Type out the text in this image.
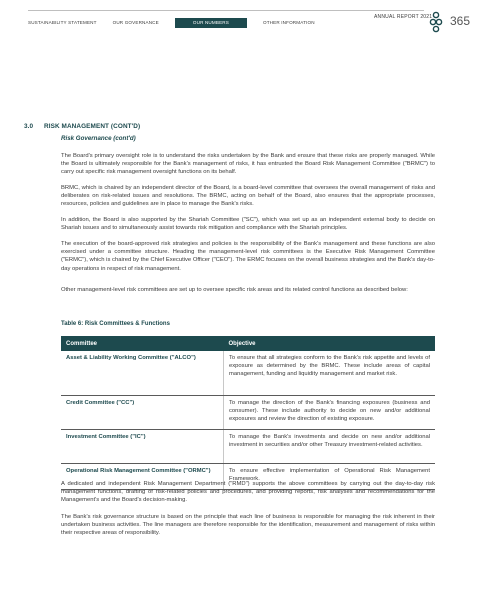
SUSTAINABILITY STATEMENT	OUR GOVERNANCE	OUR NUMBERS	OTHER INFORMATION
ANNUAL REPORT 2021 365
3.0 RISK MANAGEMENT (CONT'D)
Risk Governance (cont'd)

The Board's primary oversight role is to understand the risks undertaken by the Bank and ensure that these risks are properly managed. While the Board is ultimately responsible for the Bank's management of risks, it has entrusted the Board Risk Management Committee ("BRMC") to carry out specific risk management oversight functions on its behalf.

BRMC, which is chaired by an independent director of the Board, is a board-level committee that oversees the overall management of risks and deliberates on risk-related issues and resolutions. The BRMC, acting on behalf of the Board, also ensures that the appropriate processes, resources, policies and guidelines are in place to manage the Bank's risks.

In addition, the Board is also supported by the Shariah Committee ("SC"), which was set up as an independent external body to decide on Shariah issues and to simultaneously assist towards risk mitigation and compliance with the Shariah principles.

The execution of the board-approved risk strategies and policies is the responsibility of the Bank's management and these functions are also exercised under a committee structure. Heading the management-level risk committees is the Executive Risk Management Committee ("ERMC"), which is chaired by the Chief Executive Officer ("CEO"). The ERMC focuses on the overall business strategies and the Bank's day-to-day operations in respect of risk management.

Other management-level risk committees are set up to oversee specific risk areas and its related control functions as described below:

Table 6: Risk Committees & Functions
Committee	Objective
Asset & Liability Working Committee ("ALCO")	To ensure that all strategies conform to the Bank's risk appetite and levels of exposure as determined by the BRMC. These include areas of capital management, funding and liquidity management and market risk.
Credit Committee ("CC")	To manage the direction of the Bank's financing exposures (business and consumer). These include authority to decide on new and/or additional exposures and review the direction of existing exposure.
Investment Committee ("IC")	To manage the Bank's investments and decide on new and/or additional investment in securities and/or other Treasury investment-related activities.
Operational Risk Management Committee ("ORMC")	To ensure effective implementation of Operational Risk Management Framework.

A dedicated and independent Risk Management Department ("RMD") supports the above committees by carrying out the day-to-day risk management functions, drafting of risk-related policies and procedures, and providing reports, risk analyses and recommendations for the Management's and the Board's decision-making.

The Bank's risk governance structure is based on the principle that each line of business is responsible for managing the risk inherent in their undertaken business activities. The line managers are therefore responsible for the identification, measurement and management of risks within their respective areas of responsibility.
